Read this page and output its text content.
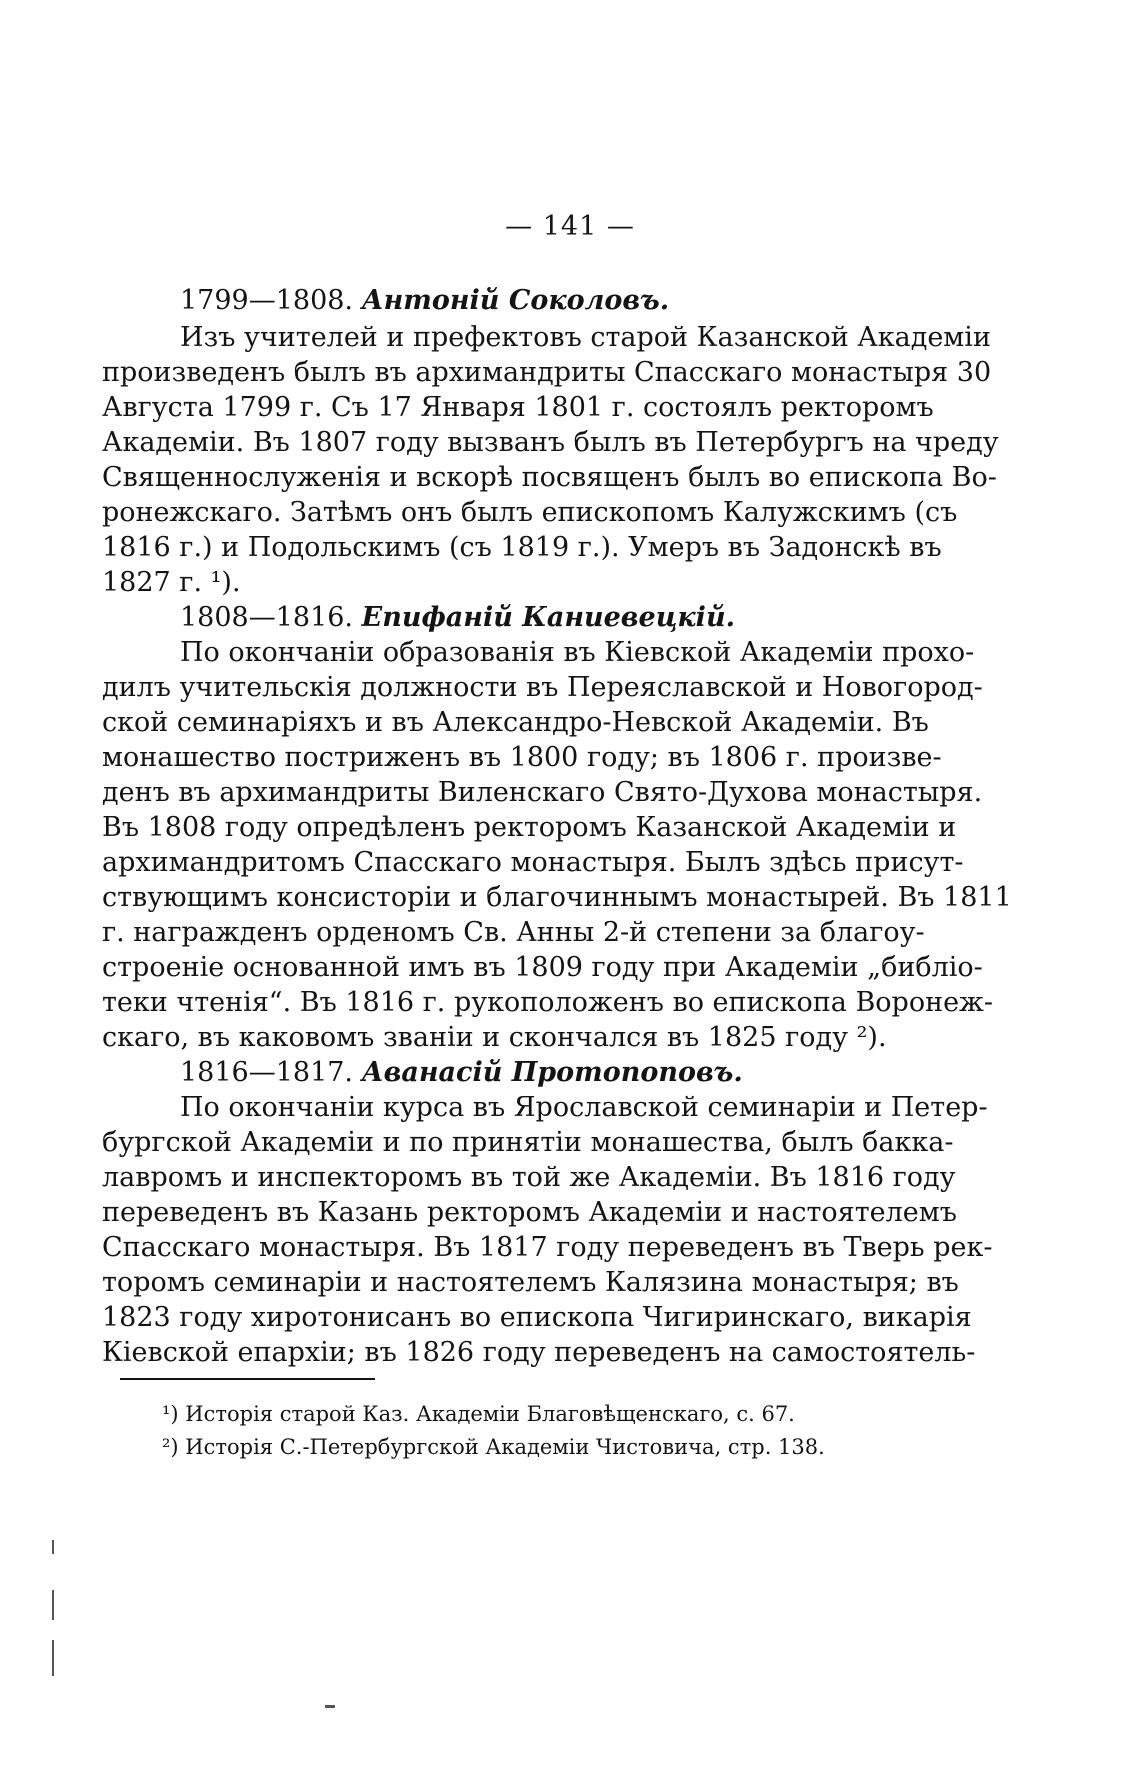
— 141 —
1799—1808. Антоній Соколовъ.
Изъ учителей и префектовъ старой Казанской Академіи
произведенъ былъ въ архимандриты Спасскаго монастыря 30
Августа 1799 г. Съ 17 Января 1801 г. состоялъ ректоромъ
Академіи. Въ 1807 году вызванъ былъ въ Петербургъ на чреду
Священнослуженія и вскорѣ посвященъ былъ во епископа Во-
ронежскаго. Затѣмъ онъ былъ епископомъ Калужскимъ (съ
1816 г.) и Подольскимъ (съ 1819 г.). Умеръ въ Задонскѣ въ
1827 г. ¹).
1808—1816. Епифаній Каниевецкій.
По окончаніи образованія въ Кіевской Академіи прохо-
дилъ учительскія должности въ Переяславской и Новогород-
ской семинаріяхъ и въ Александро-Невской Академіи. Въ
монашество постриженъ въ 1800 году; въ 1806 г. произве-
денъ въ архимандриты Виленскаго Свято-Духова монастыря.
Въ 1808 году опредѣленъ ректоромъ Казанской Академіи и
архимандритомъ Спасскаго монастыря. Былъ здѣсь присут-
ствующимъ консисторіи и благочиннымъ монастырей. Въ 1811
г. награжденъ орденомъ Св. Анны 2-й степени за благоу-
строеніе основанной имъ въ 1809 году при Академіи „библіо-
теки чтенія“. Въ 1816 г. рукоположенъ во епископа Воронеж-
скаго, въ каковомъ званіи и скончался въ 1825 году ²).
1816—1817. Аванасій Протопоповъ.
По окончаніи курса въ Ярославской семинаріи и Петер-
бургской Академіи и по принятіи монашества, былъ бакка-
лавромъ и инспекторомъ въ той же Академіи. Въ 1816 году
переведенъ въ Казань ректоромъ Академіи и настоятелемъ
Спасскаго монастыря. Въ 1817 году переведенъ въ Тверь рек-
торомъ семинаріи и настоятелемъ Калязина монастыря; въ
1823 году хиротонисанъ во епископа Чигиринскаго, викарія
Кіевской епархіи; въ 1826 году переведенъ на самостоятель-
¹) Исторія старой Каз. Академіи Благовѣщенскаго, с. 67.
²) Исторія С.-Петербургской Академіи Чистовича, стр. 138.
